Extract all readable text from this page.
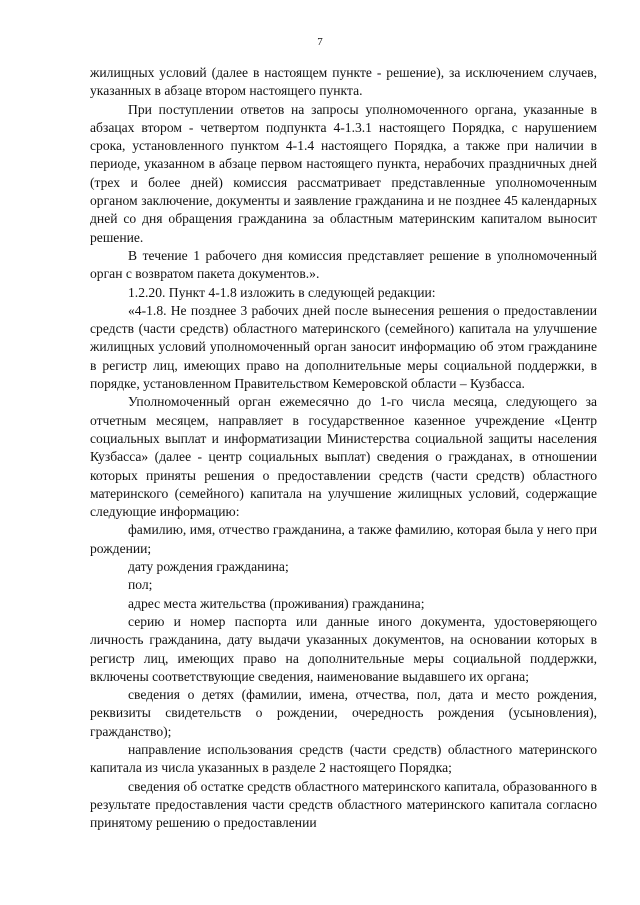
7

жилищных условий (далее в настоящем пункте - решение), за исключением случаев, указанных в абзаце втором настоящего пункта.

При поступлении ответов на запросы уполномоченного органа, указанные в абзацах втором - четвертом подпункта 4-1.3.1 настоящего Порядка, с нарушением срока, установленного пунктом 4-1.4 настоящего Порядка, а также при наличии в периоде, указанном в абзаце первом настоящего пункта, нерабочих праздничных дней (трех и более дней) комиссия рассматривает представленные уполномоченным органом заключение, документы и заявление гражданина и не позднее 45 календарных дней со дня обращения гражданина за областным материнским капиталом выносит решение.

В течение 1 рабочего дня комиссия представляет решение в уполномоченный орган с возвратом пакета документов.».

1.2.20. Пункт 4-1.8 изложить в следующей редакции:

«4-1.8. Не позднее 3 рабочих дней после вынесения решения о предоставлении средств (части средств) областного материнского (семейного) капитала на улучшение жилищных условий уполномоченный орган заносит информацию об этом гражданине в регистр лиц, имеющих право на дополнительные меры социальной поддержки, в порядке, установленном Правительством Кемеровской области – Кузбасса.

Уполномоченный орган ежемесячно до 1-го числа месяца, следующего за отчетным месяцем, направляет в государственное казенное учреждение «Центр социальных выплат и информатизации Министерства социальной защиты населения Кузбасса» (далее - центр социальных выплат) сведения о гражданах, в отношении которых приняты решения о предоставлении средств (части средств) областного материнского (семейного) капитала на улучшение жилищных условий, содержащие следующие информацию:

фамилию, имя, отчество гражданина, а также фамилию, которая была у него при рождении;

дату рождения гражданина;

пол;

адрес места жительства (проживания) гражданина;

серию и номер паспорта или данные иного документа, удостоверяющего личность гражданина, дату выдачи указанных документов, на основании которых в регистр лиц, имеющих право на дополнительные меры социальной поддержки, включены соответствующие сведения, наименование выдавшего их органа;

сведения о детях (фамилии, имена, отчества, пол, дата и место рождения, реквизиты свидетельств о рождении, очередность рождения (усыновления), гражданство);

направление использования средств (части средств) областного материнского капитала из числа указанных в разделе 2 настоящего Порядка;

сведения об остатке средств областного материнского капитала, образованного в результате предоставления части средств областного материнского капитала согласно принятому решению о предоставлении
